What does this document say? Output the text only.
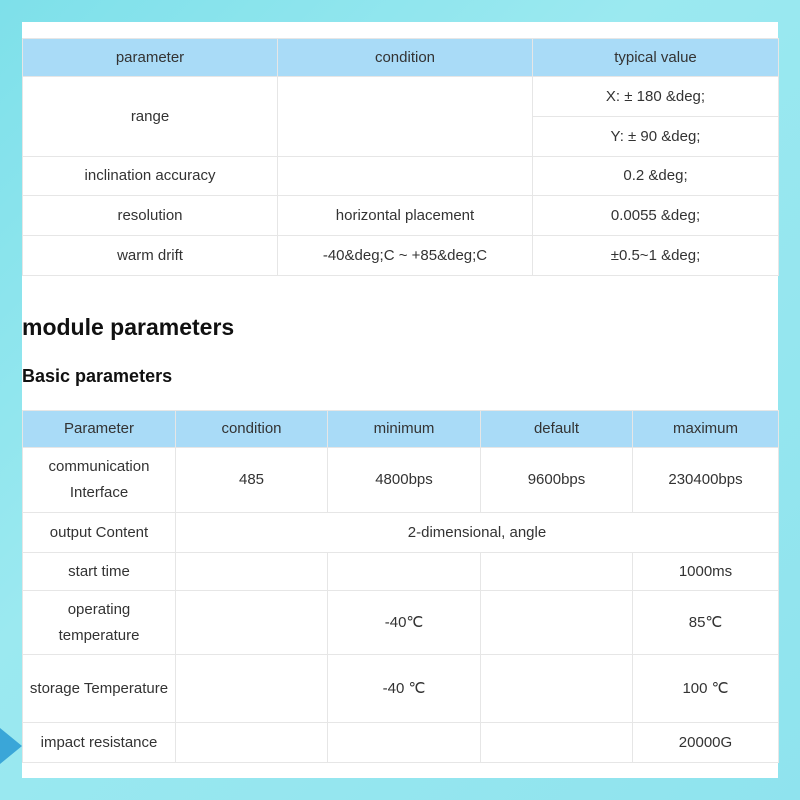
parameter	condition	typical value
range		X: ± 180 &deg;
		Y: ± 90 &deg;
inclination accuracy		0.2 &deg;
resolution	horizontal placement	0.0055 &deg;
warm drift	-40&deg;C ~ +85&deg;C	±0.5~1 &deg;
module parameters
Basic parameters
Parameter	condition	minimum	default	maximum
communication Interface	485	4800bps	9600bps	230400bps
output Content	2-dimensional, angle			
start time				1000ms
operating temperature		-40℃		85℃
storage Temperature		-40 ℃		100 ℃
impact resistance				20000G
